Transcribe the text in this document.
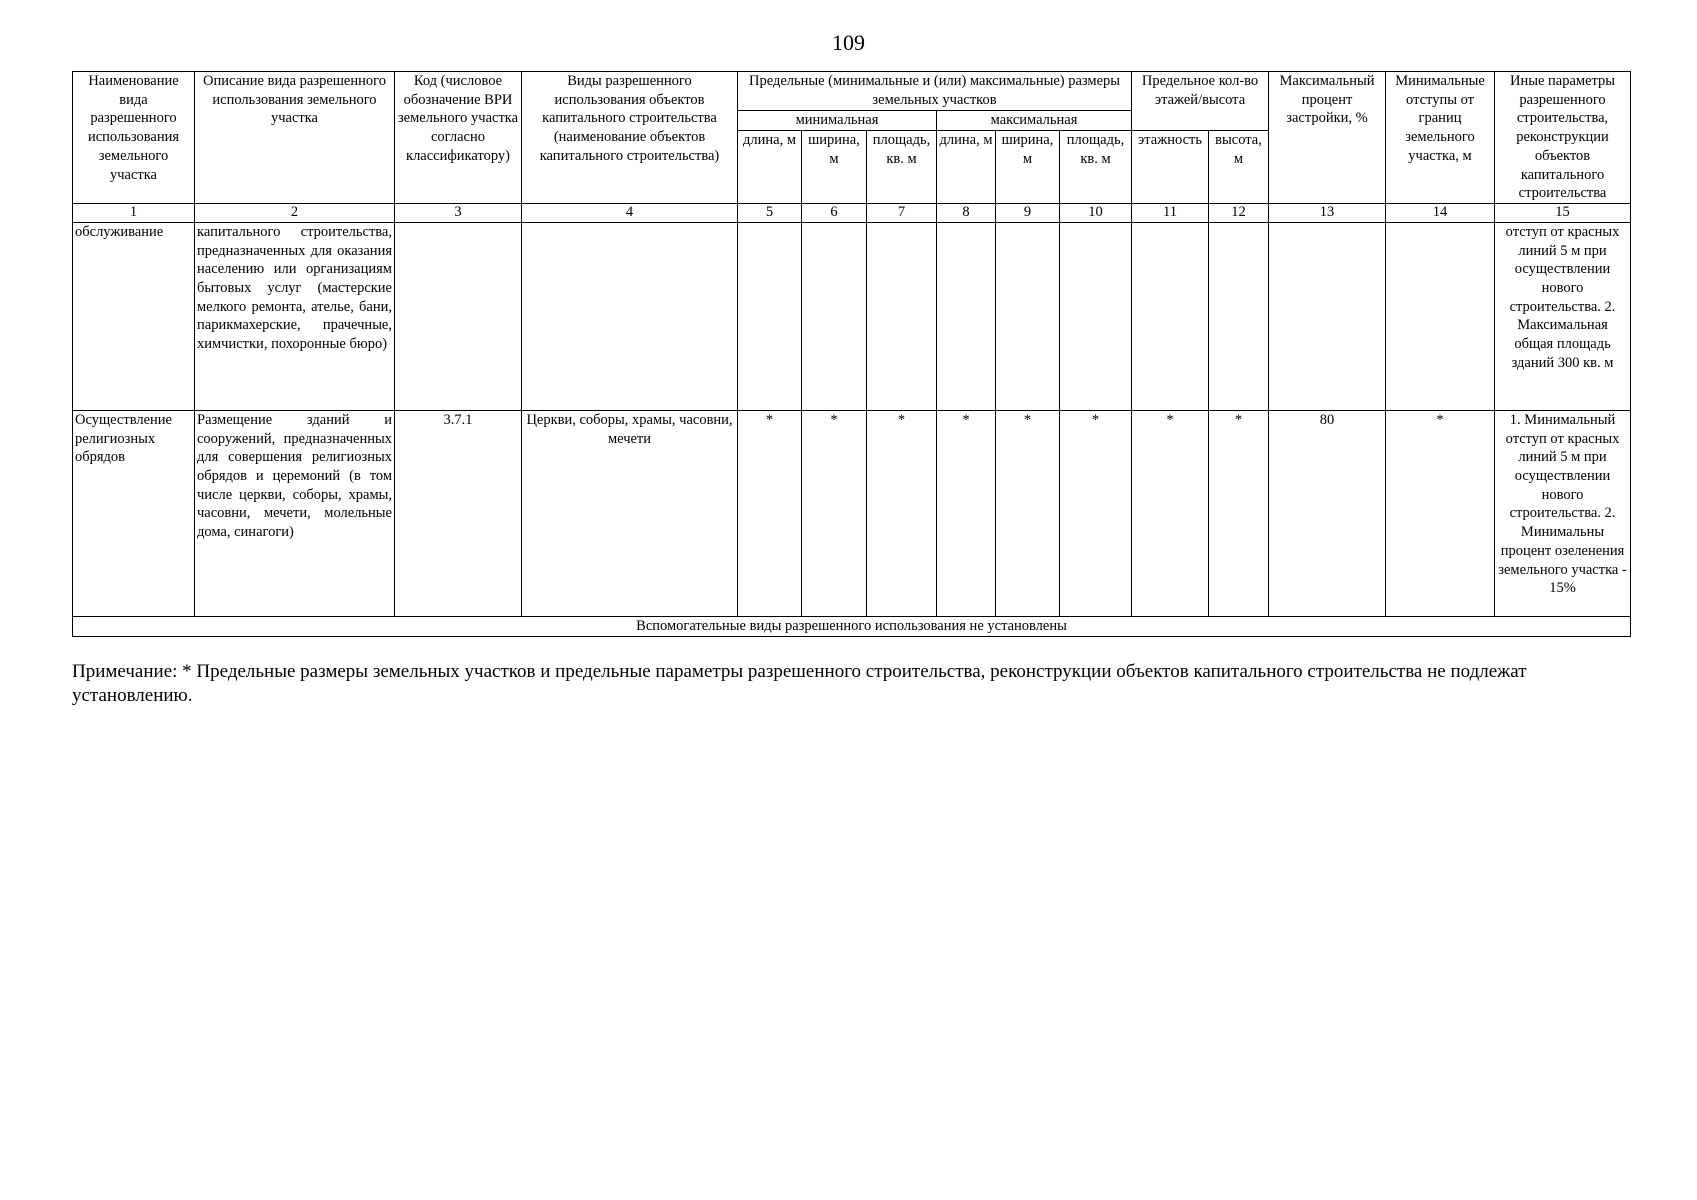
109
Наименование вида разрешенного использования земельного участка	Описание вида разрешенного использования земельного участка	Код (числовое обозначение ВРИ земельного участка согласно классификатору)	Виды разрешенного использования объектов капитального строительства (наименование объектов капитального строительства)	Предельные (минимальные и (или) максимальные) размеры земельных участков						Предельное кол-во этажей/высота		Максимальный процент застройки, %	Минимальные отступы от границ земельного участка, м	Иные параметры разрешенного строительства, реконструкции объектов капитального строительства
				минимальная			максимальная							
				длина, м	ширина, м	площадь, кв. м	длина, м	ширина, м	площадь, кв. м	этажность	высота, м			
1	2	3	4	5	6	7	8	9	10	11	12	13	14	15
обслуживание	капитального строительства, предназначенных для оказания населению или организациям бытовых услуг (мастерские мелкого ремонта, ателье, бани, парикмахерские, прачечные, химчистки, похоронные бюро)													отступ от красных линий 5 м при осуществлении нового строительства. 2. Максимальная общая площадь зданий 300 кв. м
Осуществление религиозных обрядов	Размещение зданий и сооружений, предназначенных для совершения религиозных обрядов и церемоний (в том числе церкви, соборы, храмы, часовни, мечети, молельные дома, синагоги)	3.7.1	Церкви, соборы, храмы, часовни, мечети	*	*	*	*	*	*	*	*	80	*	1. Минимальный отступ от красных линий 5 м при осуществлении нового строительства. 2. Минимальны процент озеленения земельного участка - 15%
Вспомогательные виды разрешенного использования не установлены														
Примечание: * Предельные размеры земельных участков и предельные параметры разрешенного строительства, реконструкции объектов капитального строительства не подлежат установлению.
